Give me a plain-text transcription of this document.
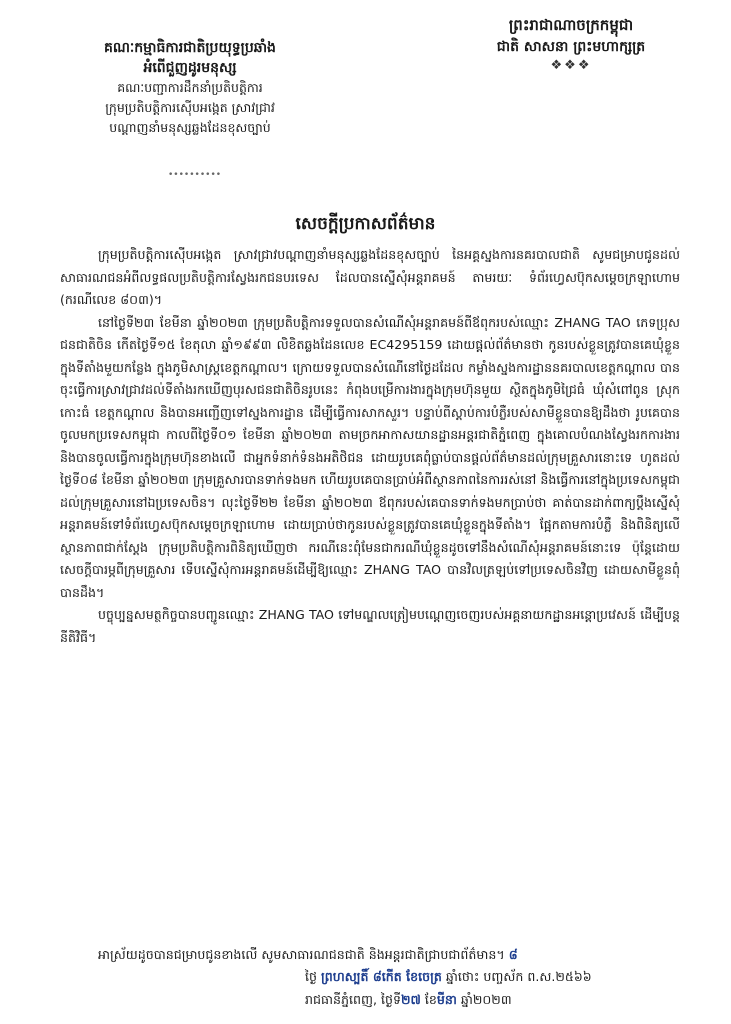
គណៈកម្មាធិការជាតិប្រយុទ្ធប្រឆាំង
អំពើជួញដូរមនុស្ស
គណៈបញ្ជាការដឹកនាំប្រតិបត្តិការ
ក្រុមប្រតិបត្តិការស៊ើបអង្កេត ស្រាវជ្រាវ
បណ្ដាញនាំមនុស្សឆ្លងដែនខុសច្បាប់
ព្រះរាជាណាចក្រកម្ពុជា
ជាតិ សាសនា ព្រះមហាក្សត្រ
❖❖❖
••••••••••
សេចក្ដីប្រកាសព័ត៌មាន

ក្រុមប្រតិបត្តិការស៊ើបអង្កេត ស្រាវជ្រាវបណ្ដាញនាំមនុស្សឆ្លងដែនខុសច្បាប់ នៃអគ្គស្នងការនគរបាលជាតិ សូមជម្រាបជូនដល់សាធារណជនអំពីលទ្ធផលប្រតិបត្តិការស្វែងរកជនបរទេស ដែលបានស្នើសុំអន្តរាគមន៍ តាមរយៈ ទំព័រហ្វេសប៊ុកសម្ដេចក្រឡាហោម (ករណីលេខ ៨០៣)។

នៅថ្ងៃទី២៣ ខែមីនា ឆ្នាំ២០២៣ ក្រុមប្រតិបត្តិការទទួលបានសំណើសុំអន្តរាគមន៍ពីឪពុករបស់ឈ្មោះ ZHANG TAO ភេទប្រុស ជនជាតិចិន កើតថ្ងៃទី១៥ ខែតុលា ឆ្នាំ១៩៩៣ លិខិតឆ្លងដែនលេខ EC4295159 ដោយផ្ដល់ព័ត៌មានថា កូនរបស់ខ្លួនត្រូវបានគេឃុំខ្លួនក្នុងទីតាំងមួយកន្លែង ក្នុងភូមិសាស្ត្រខេត្តកណ្ដាល។ ក្រោយទទួលបានសំណើនៅថ្ងៃដដែល កម្លាំងស្នងការដ្ឋាននគរបាលខេត្តកណ្ដាល បានចុះធ្វើការស្រាវជ្រាវដល់ទីតាំងរកឃើញបុរសជនជាតិចិនរូបនេះ កំពុងបម្រើការងារក្នុងក្រុមហ៊ុនមួយ ស្ថិតក្នុងភូមិជ្រៃធំ ឃុំសំពៅពូន ស្រុកកោះធំ ខេត្តកណ្ដាល និងបានអញ្ជើញទៅស្នងការដ្ឋាន ដើម្បីធ្វើការសាកសួរ។ បន្ទាប់ពីស្ដាប់ការបំភ្លឺរបស់សាមីខ្លួនបានឱ្យដឹងថា រូបគេបានចូលមកប្រទេសកម្ពុជា កាលពីថ្ងៃទី០១ ខែមីនា ឆ្នាំ២០២៣ តាមច្រកអាកាសយានដ្ឋានអន្តរជាតិភ្នំពេញ ក្នុងគោលបំណងស្វែងរកការងារ និងបានចូលធ្វើការក្នុងក្រុមហ៊ុនខាងលើ ជាអ្នកទំនាក់ទំនងអតិថិជន ដោយរូបគេពុំធ្លាប់បានផ្ដល់ព័ត៌មានដល់ក្រុមគ្រួសារនោះទេ ហូតដល់ថ្ងៃទី០៨ ខែមីនា ឆ្នាំ២០២៣ ក្រុមគ្រួសារបានទាក់ទងមក ហើយរូបគេបានប្រាប់អំពីស្ថានភាពនៃការរស់នៅ និងធ្វើការនៅក្នុងប្រទេសកម្ពុជាដល់ក្រុមគ្រួសារនៅឯប្រទេសចិន។ លុះថ្ងៃទី២២ ខែមីនា ឆ្នាំ២០២៣ ឪពុករបស់គេបានទាក់ទងមកប្រាប់ថា គាត់បានដាក់ពាក្យប្ដឹងស្នើសុំអន្តរាគមន៍ទៅទំព័រហ្វេសប៊ុកសម្ដេចក្រឡាហោម ដោយប្រាប់ថាកូនរបស់ខ្លួនត្រូវបានគេឃុំខ្លួនក្នុងទីតាំង។ ផ្អែកតាមការបំភ្លឺ និងពិនិត្យលើស្ថានភាពជាក់ស្ដែង ក្រុមប្រតិបត្តិការពិនិត្យឃើញថា ករណីនេះពុំមែនជាករណីឃុំខ្លួនដូចទៅនឹងសំណើសុំអន្តរាគមន៍នោះទេ ប៉ុន្តែដោយសេចក្ដីបារម្ភពីក្រុមគ្រួសារ ទើបស្នើសុំការអន្តរាគមន៍ដើម្បីឱ្យឈ្មោះ ZHANG TAO បានវិលត្រឡប់ទៅប្រទេសចិនវិញ ដោយសាមីខ្លួនពុំបានដឹង។

បច្ចុប្បន្នសមត្ថកិច្ចបានបញ្ជូនឈ្មោះ ZHANG TAO ទៅមណ្ឌលត្រៀមបណ្ដេញចេញរបស់អគ្គនាយកដ្ឋានអន្តោប្រវេសន៍ ដើម្បីបន្តនីតិវិធី។

អាស្រ័យដូចបានជម្រាបជូនខាងលើ សូមសាធារណជនជាតិ និងអន្តរជាតិជ្រាបជាព័ត៌មាន។ ៨
ថ្ងៃ ព្រហស្បតិ៍ ៨កើត ខែចេត្រ ឆ្នាំថោះ បញ្ចស័ក ព.ស.២៥៦៦
រាជធានីភ្នំពេញ, ថ្ងៃទី២៧ ខែមីនា ឆ្នាំ២០២៣
